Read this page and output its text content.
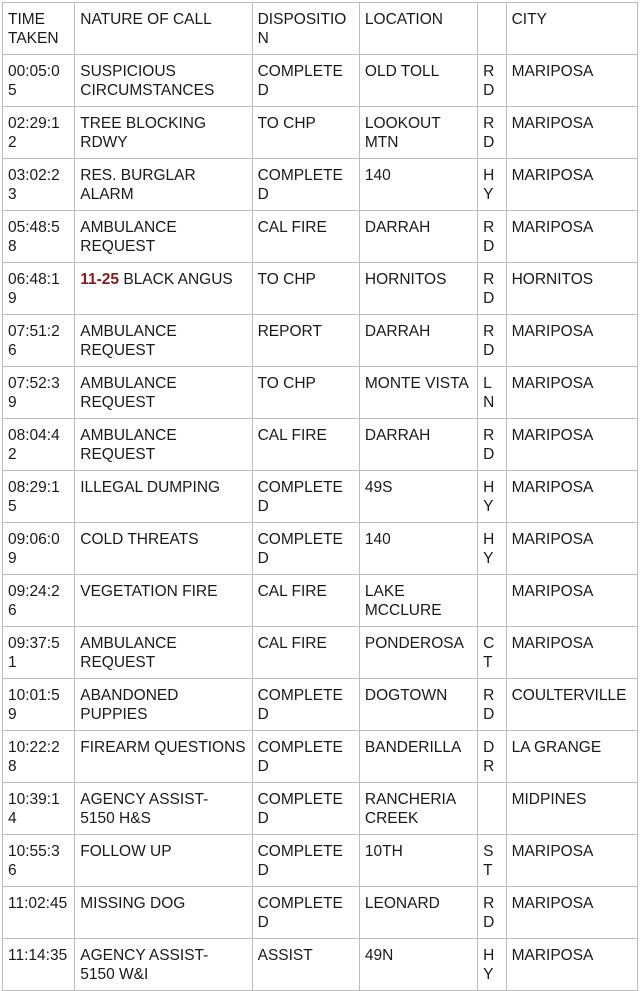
TIME TAKEN	NATURE OF CALL	DISPOSITION	LOCATION		CITY
00:05:05	SUSPICIOUS CIRCUMSTANCES	COMPLETED	OLD TOLL	RD	MARIPOSA
02:29:12	TREE BLOCKING RDWY	TO CHP	LOOKOUT MTN	RD	MARIPOSA
03:02:23	RES. BURGLAR ALARM	COMPLETED	140	HY	MARIPOSA
05:48:58	AMBULANCE REQUEST	CAL FIRE	DARRAH	RD	MARIPOSA
06:48:19	11-25 BLACK ANGUS	TO CHP	HORNITOS	RD	HORNITOS
07:51:26	AMBULANCE REQUEST	REPORT	DARRAH	RD	MARIPOSA
07:52:39	AMBULANCE REQUEST	TO CHP	MONTE VISTA	LN	MARIPOSA
08:04:42	AMBULANCE REQUEST	CAL FIRE	DARRAH	RD	MARIPOSA
08:29:15	ILLEGAL DUMPING	COMPLETED	49S	HY	MARIPOSA
09:06:09	COLD THREATS	COMPLETED	140	HY	MARIPOSA
09:24:26	VEGETATION FIRE	CAL FIRE	LAKE MCCLURE		MARIPOSA
09:37:51	AMBULANCE REQUEST	CAL FIRE	PONDEROSA	CT	MARIPOSA
10:01:59	ABANDONED PUPPIES	COMPLETED	DOGTOWN	RD	COULTERVILLE
10:22:28	FIREARM QUESTIONS	COMPLETED	BANDERILLA	DR	LA GRANGE
10:39:14	AGENCY ASSIST- 5150 H&S	COMPLETED	RANCHERIA CREEK		MIDPINES
10:55:36	FOLLOW UP	COMPLETED	10TH	ST	MARIPOSA
11:02:45	MISSING DOG	COMPLETED	LEONARD	RD	MARIPOSA
11:14:35	AGENCY ASSIST- 5150 W&I	ASSIST	49N	HY	MARIPOSA
